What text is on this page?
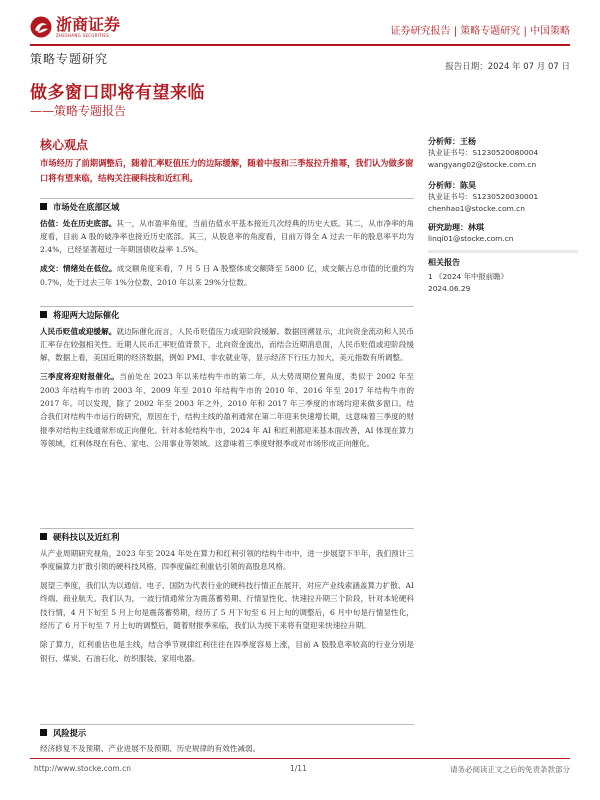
浙商证券
ZHESHANG SECURITIES	证券研究报告 | 策略专题研究 | 中国策略
策略专题研究
报告日期：2024 年 07 月 07 日
做多窗口即将有望来临
——策略专题报告
核心观点
市场经历了前期调整后，随着汇率贬值压力的边际缓解，随着中报和三季报拉升推幂，我们认为做多窗口将有望来临，结构关注硬科技和近红利。
市场处在底部区域
估值：处在历史底部。其一，从市盈率角度，当前估值水平基本接近几次经典的历史大底。其二，从市净率的角度看，目前 A 股的破净率也接近历史底部。其三，从股息率的角度看，目前万得全 A 过去一年的股息率平均为 2.4%，已经显著超过一年期国债收益率 1.5%。
成交：情绪处在低位。成交额角度来看，7 月 5 日 A 股整体成交额降至 5800 亿，成交额占总市值的比重约为 0.7%，处于过去三年 1%分位数、2010 年以来 29%分位数。
将迎两大边际催化
人民币贬值或迎缓解。就边际催化而言，人民币贬值压力或迎阶段缓解。数据回溯显示，北向资金流动和人民币汇率存在较强相关性。近期人民币汇率贬值背景下，北向资金流出，而结合近期消息面，人民币贬值或迎阶段缓解，数据上看，美国近期的经济数据，例如 PMI、非农就业等，显示经济下行压力加大，美元指数有所调整。
三季度将迎财报催化。当前处在 2023 年以来结构牛市的第二年，从大势周期位置角度，类似于 2002 年至 2003 年结构牛市的 2003 年、2009 年至 2010 年结构牛市的 2010 年、2016 年至 2017 年结构牛市的 2017 年。可以发现，除了 2002 年至 2003 年之外，2010 年和 2017 年三季度的市场均迎来做多窗口。结合我们对结构牛市运行的研究，原因在于，结构主线的盈利通常在第二年迎来快速增长期，这意味着三季度的财报季对结构主线通常形成正向催化。针对本轮结构牛市，2024 年 AI 和红利都迎来基本面改善，AI 体现在算力等领域，红利体现在有色、家电、公用事业等领域。这意味着三季度财报季或对市场形成正向催化。
硬科技以及近红利
从产业周期研究视角，2023 年至 2024 年处在算力和红利引领的结构牛市中，进一步展望下半年，我们预计三季度偏算力扩散引领的硬科技风格，四季度偏红利重估引领的高股息风格。
展望三季度，我们认为以通信、电子、国防为代表行业的硬科技行情正在展开，对应产业线索涵盖算力扩散、AI 终端、商业航天。我们认为，一波行情通常分为震荡蓄势期、行情显性化、快速拉升期三个阶段，针对本轮硬科技行情，4 月下旬至 5 月上旬是震荡蓄势期，经历了 5 月下旬至 6 月上旬的调整后，6 月中旬是行情显性化，经历了 6 月下旬至 7 月上旬的调整后，随着财报季来临，我们认为接下来将有望迎来快速拉升期。
除了算力，红利重估也是主线，结合季节规律红利往往在四季度容易上涨，目前 A 股股息率较高的行业分别是银行、煤炭、石油石化、纺织服装、家用电器。
风险提示
经济修复不及预期、产业进展不及预期、历史规律的有效性减弱。
分析师：王杨
执业证书号：S1230520080004
wangyang02@stocke.com.cn
分析师：陈昊
执业证书号：S1230520030001
chenhao1@stocke.com.cn
研究助理：林琪
linqi01@stocke.com.cn
相关报告
1 《2024 年中报前瞻》
2024.06.29
http://www.stocke.com.cn	1/11	请务必阅读正文之后的免责条款部分
